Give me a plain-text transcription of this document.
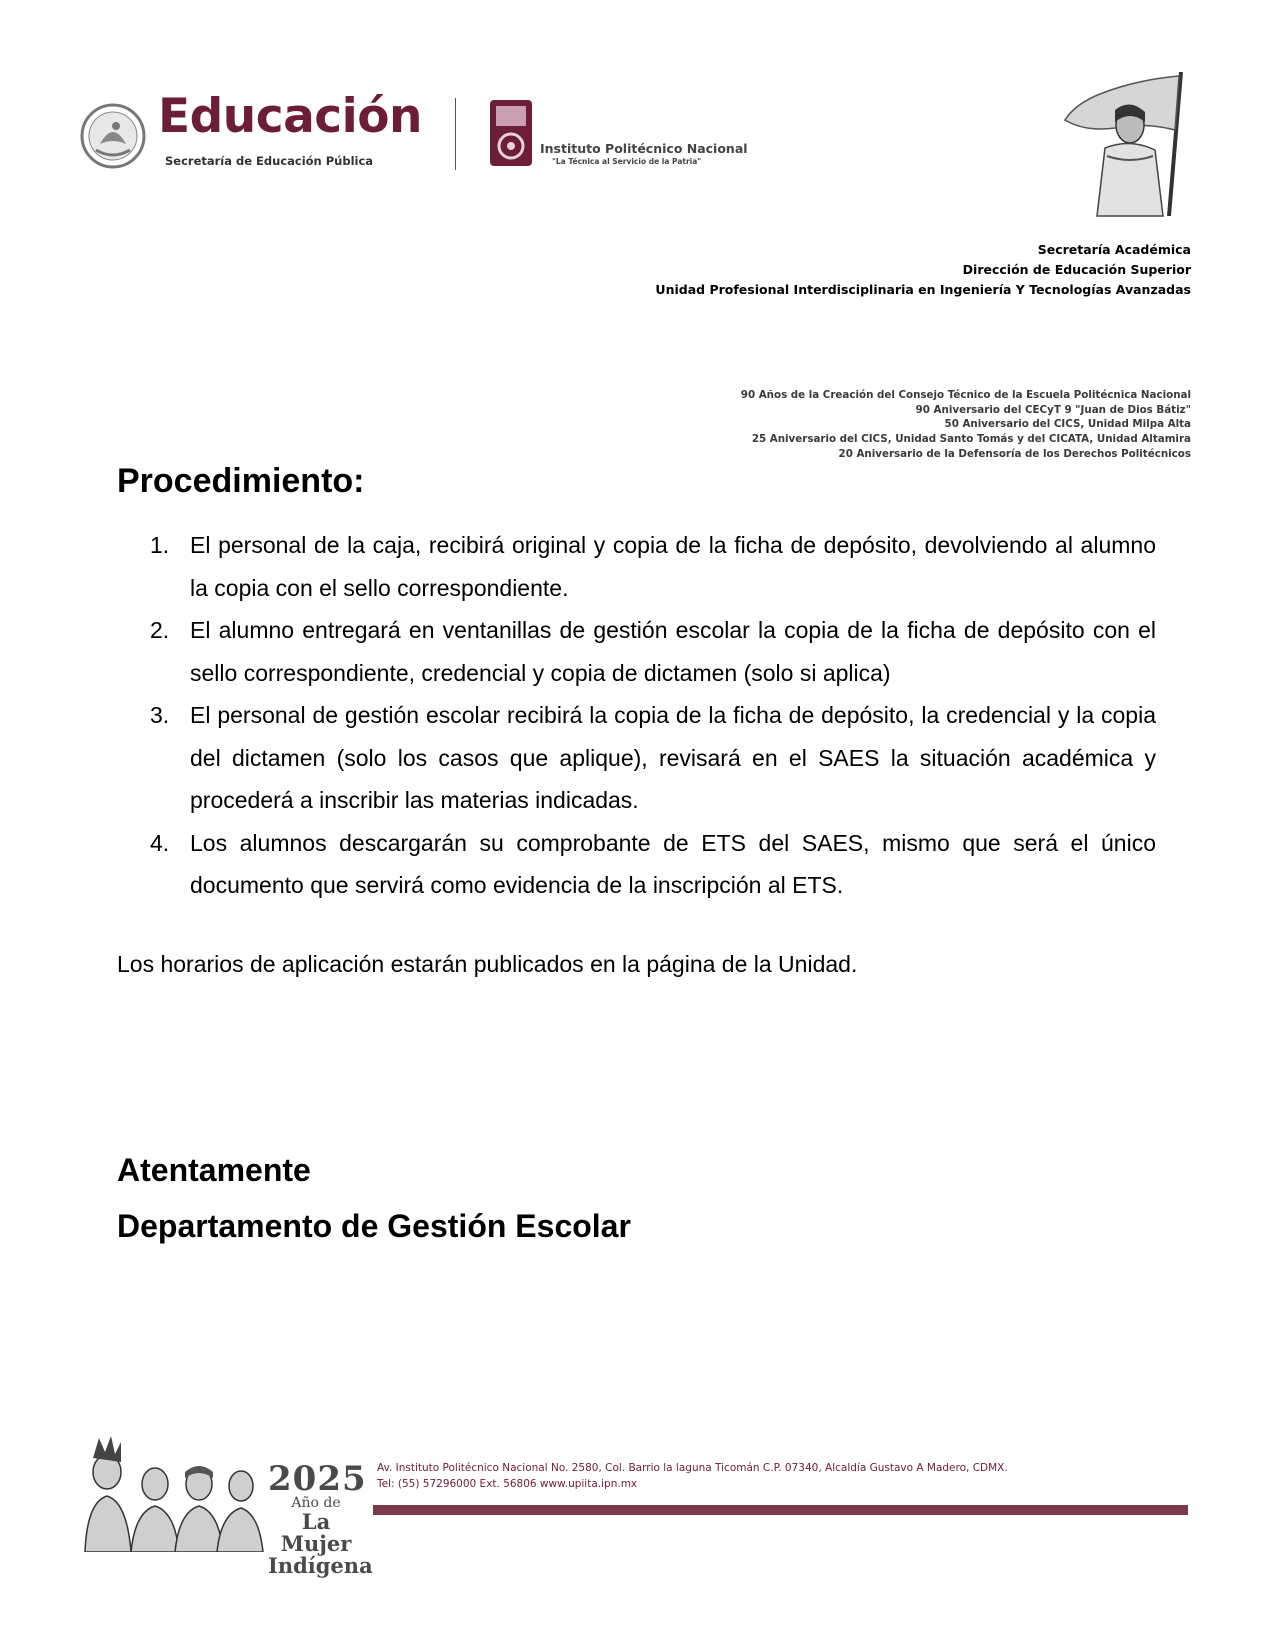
Educación
Secretaría de Educación Pública
Instituto Politécnico Nacional
"La Técnica al Servicio de la Patria"
Secretaría Académica
Dirección de Educación Superior
Unidad Profesional Interdisciplinaria en Ingeniería Y Tecnologías Avanzadas
90 Años de la Creación del Consejo Técnico de la Escuela Politécnica Nacional
90 Aniversario del CECyT 9 "Juan de Dios Bátiz"
50 Aniversario del CICS, Unidad Milpa Alta
25 Aniversario del CICS, Unidad Santo Tomás y del CICATA, Unidad Altamira
20 Aniversario de la Defensoría de los Derechos Politécnicos
Procedimiento:
1. El personal de la caja, recibirá original y copia de la ficha de depósito, devolviendo al alumno la copia con el sello correspondiente.
2. El alumno entregará en ventanillas de gestión escolar la copia de la ficha de depósito con el sello correspondiente, credencial y copia de dictamen (solo si aplica)
3. El personal de gestión escolar recibirá la copia de la ficha de depósito, la credencial y la copia del dictamen (solo los casos que aplique), revisará en el SAES la situación académica y procederá a inscribir las materias indicadas.
4. Los alumnos descargarán su comprobante de ETS del SAES, mismo que será el único documento que servirá como evidencia de la inscripción al ETS.
Los horarios de aplicación estarán publicados en la página de la Unidad.
Atentamente
Departamento de Gestión Escolar
2025
Año de
La Mujer
Indígena
Av. Instituto Politécnico Nacional No. 2580, Col. Barrio la laguna Ticomán C.P. 07340, Alcaldía Gustavo A Madero, CDMX.
Tel: (55) 57296000 Ext. 56806 www.upiita.ipn.mx
